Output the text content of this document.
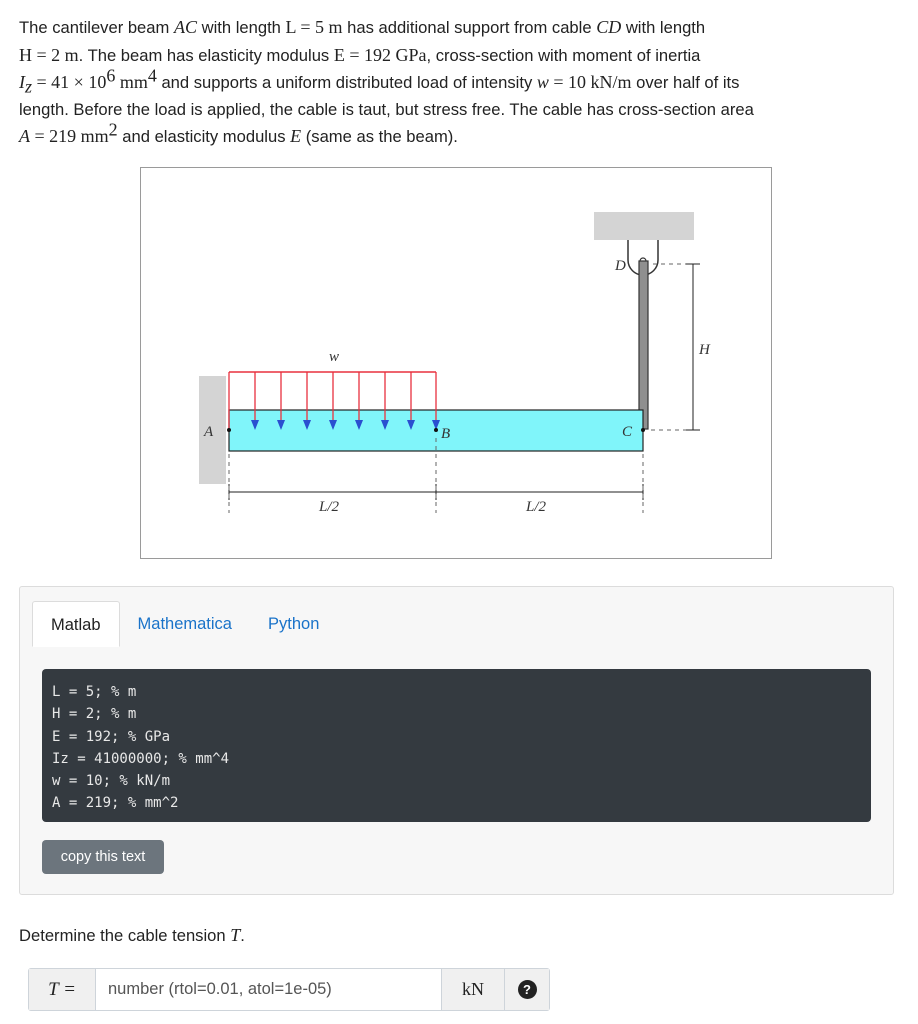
The cantilever beam AC with length L = 5 m has additional support from cable CD with length

H = 2 m. The beam has elasticity modulus E = 192 GPa, cross-section with moment of inertia

$I_z = 41 \times 10^6$ $mm^4$ and supports a uniform distributed load of intensity w = 10 kN/m over half of its

length. Before the load is applied, the cable is taut, but stress free. The cable has cross-section area

A = 219 $mm^2$ and elasticity modulus E (same as the beam).

w
A	B	C
D
H
L/2	L/2
Matlab	Mathematica	Python
L = 5; % m
H = 2; % m
E = 192; % GPa
Iz = 41000000; % mm^4
w = 10; % kN/m
A = 219; % mm^2
copy this text
Determine the cable tension T.
T =
number (rtol=0.01, atol=1e-05)	kN	?
